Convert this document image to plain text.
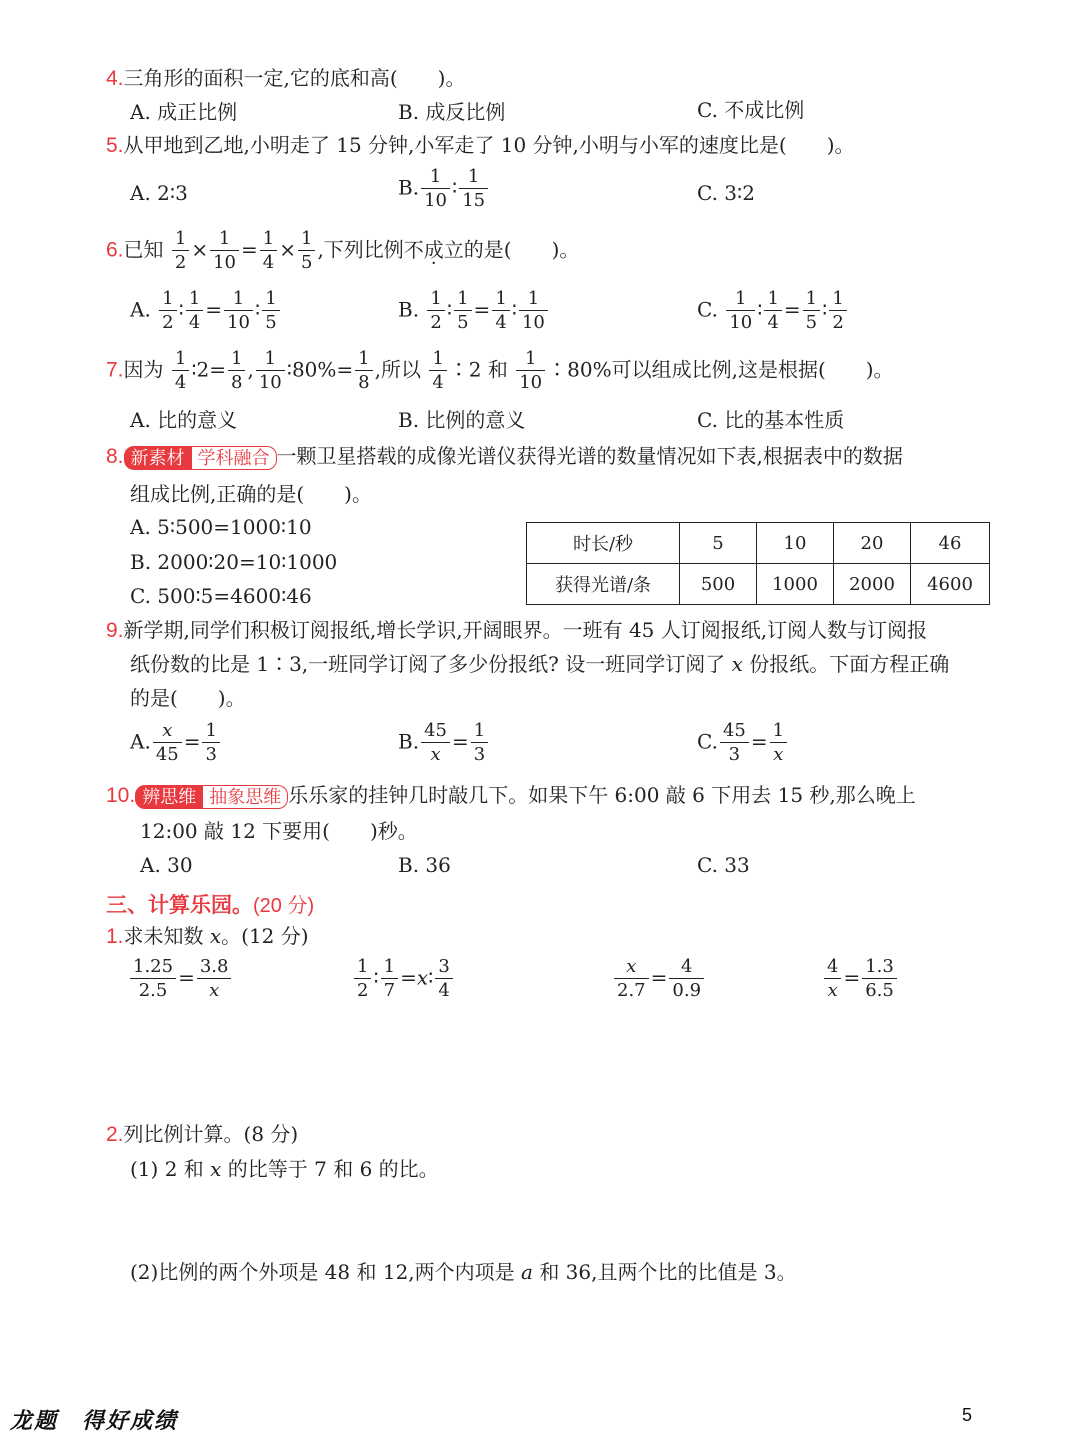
4.三角形的面积一定,它的底和高(　　)。
A. 成正比例	B. 成反比例	C. 不成比例
5.从甲地到乙地,小明走了 15 分钟,小军走了 10 分钟,小明与小军的速度比是(　　)。
A. 2∶3	B. $\frac{1}{10}$ ∶ $\frac{1}{15}$	C. 3∶2
6.已知 $\frac{1}{2} \times \frac{1}{10} = \frac{1}{4} \times \frac{1}{5}$ ,下列比例不成立的是(　　)。
A. $\frac{1}{2}$ ∶ $\frac{1}{4} = \frac{1}{10}$ ∶ $\frac{1}{5}$	B. $\frac{1}{2}$ ∶ $\frac{1}{5} = \frac{1}{4}$ ∶ $\frac{1}{10}$	C. $\frac{1}{10}$ ∶ $\frac{1}{4} = \frac{1}{5}$ ∶ $\frac{1}{2}$
7.因为 $\frac{1}{4}$ ∶2= $\frac{1}{8}$ , $\frac{1}{10}$ ∶80%= $\frac{1}{8}$ ,所以 $\frac{1}{4}$ ∶2 和 $\frac{1}{10}$ ∶80%可以组成比例,这是根据(　　)。
A. 比的意义	B. 比例的意义	C. 比的基本性质
8. 新素材 学科融合 一颗卫星搭载的成像光谱仪获得光谱的数量情况如下表,根据表中的数据
组成比例,正确的是(　　)。
A. 5∶500=1000∶10
B. 2000∶20=10∶1000
C. 500∶5=4600∶46
时长/秒	5	10	20	46
获得光谱/条	500	1000	2000	4600
9.新学期,同学们积极订阅报纸,增长学识,开阔眼界。一班有 45 人订阅报纸,订阅人数与订阅报
纸份数的比是 1∶3,一班同学订阅了多少份报纸? 设一班同学订阅了 x 份报纸。下面方程正确
的是(　　)。
A. $\frac{x}{45} = \frac{1}{3}$	B. $\frac{45}{x} = \frac{1}{3}$	C. $\frac{45}{3} = \frac{1}{x}$
10. 辨思维 抽象思维 乐乐家的挂钟几时敲几下。如果下午 6:00 敲 6 下用去 15 秒,那么晚上
12:00 敲 12 下要用(　　)秒。
A. 30	B. 36	C. 33
三、计算乐园。(20 分)
1.求未知数 x。(12 分)
$\frac{1.25}{2.5} = \frac{3.8}{x}$	$\frac{1}{2}$ ∶ $\frac{1}{7}$ =x∶ $\frac{3}{4}$	$\frac{x}{2.7} = \frac{4}{0.9}$	$\frac{4}{x} = \frac{1.3}{6.5}$
2.列比例计算。(8 分)
(1) 2 和 x 的比等于 7 和 6 的比。
(2)比例的两个外项是 48 和 12,两个内项是 a 和 36,且两个比的比值是 3。
龙题　得好成绩	5
